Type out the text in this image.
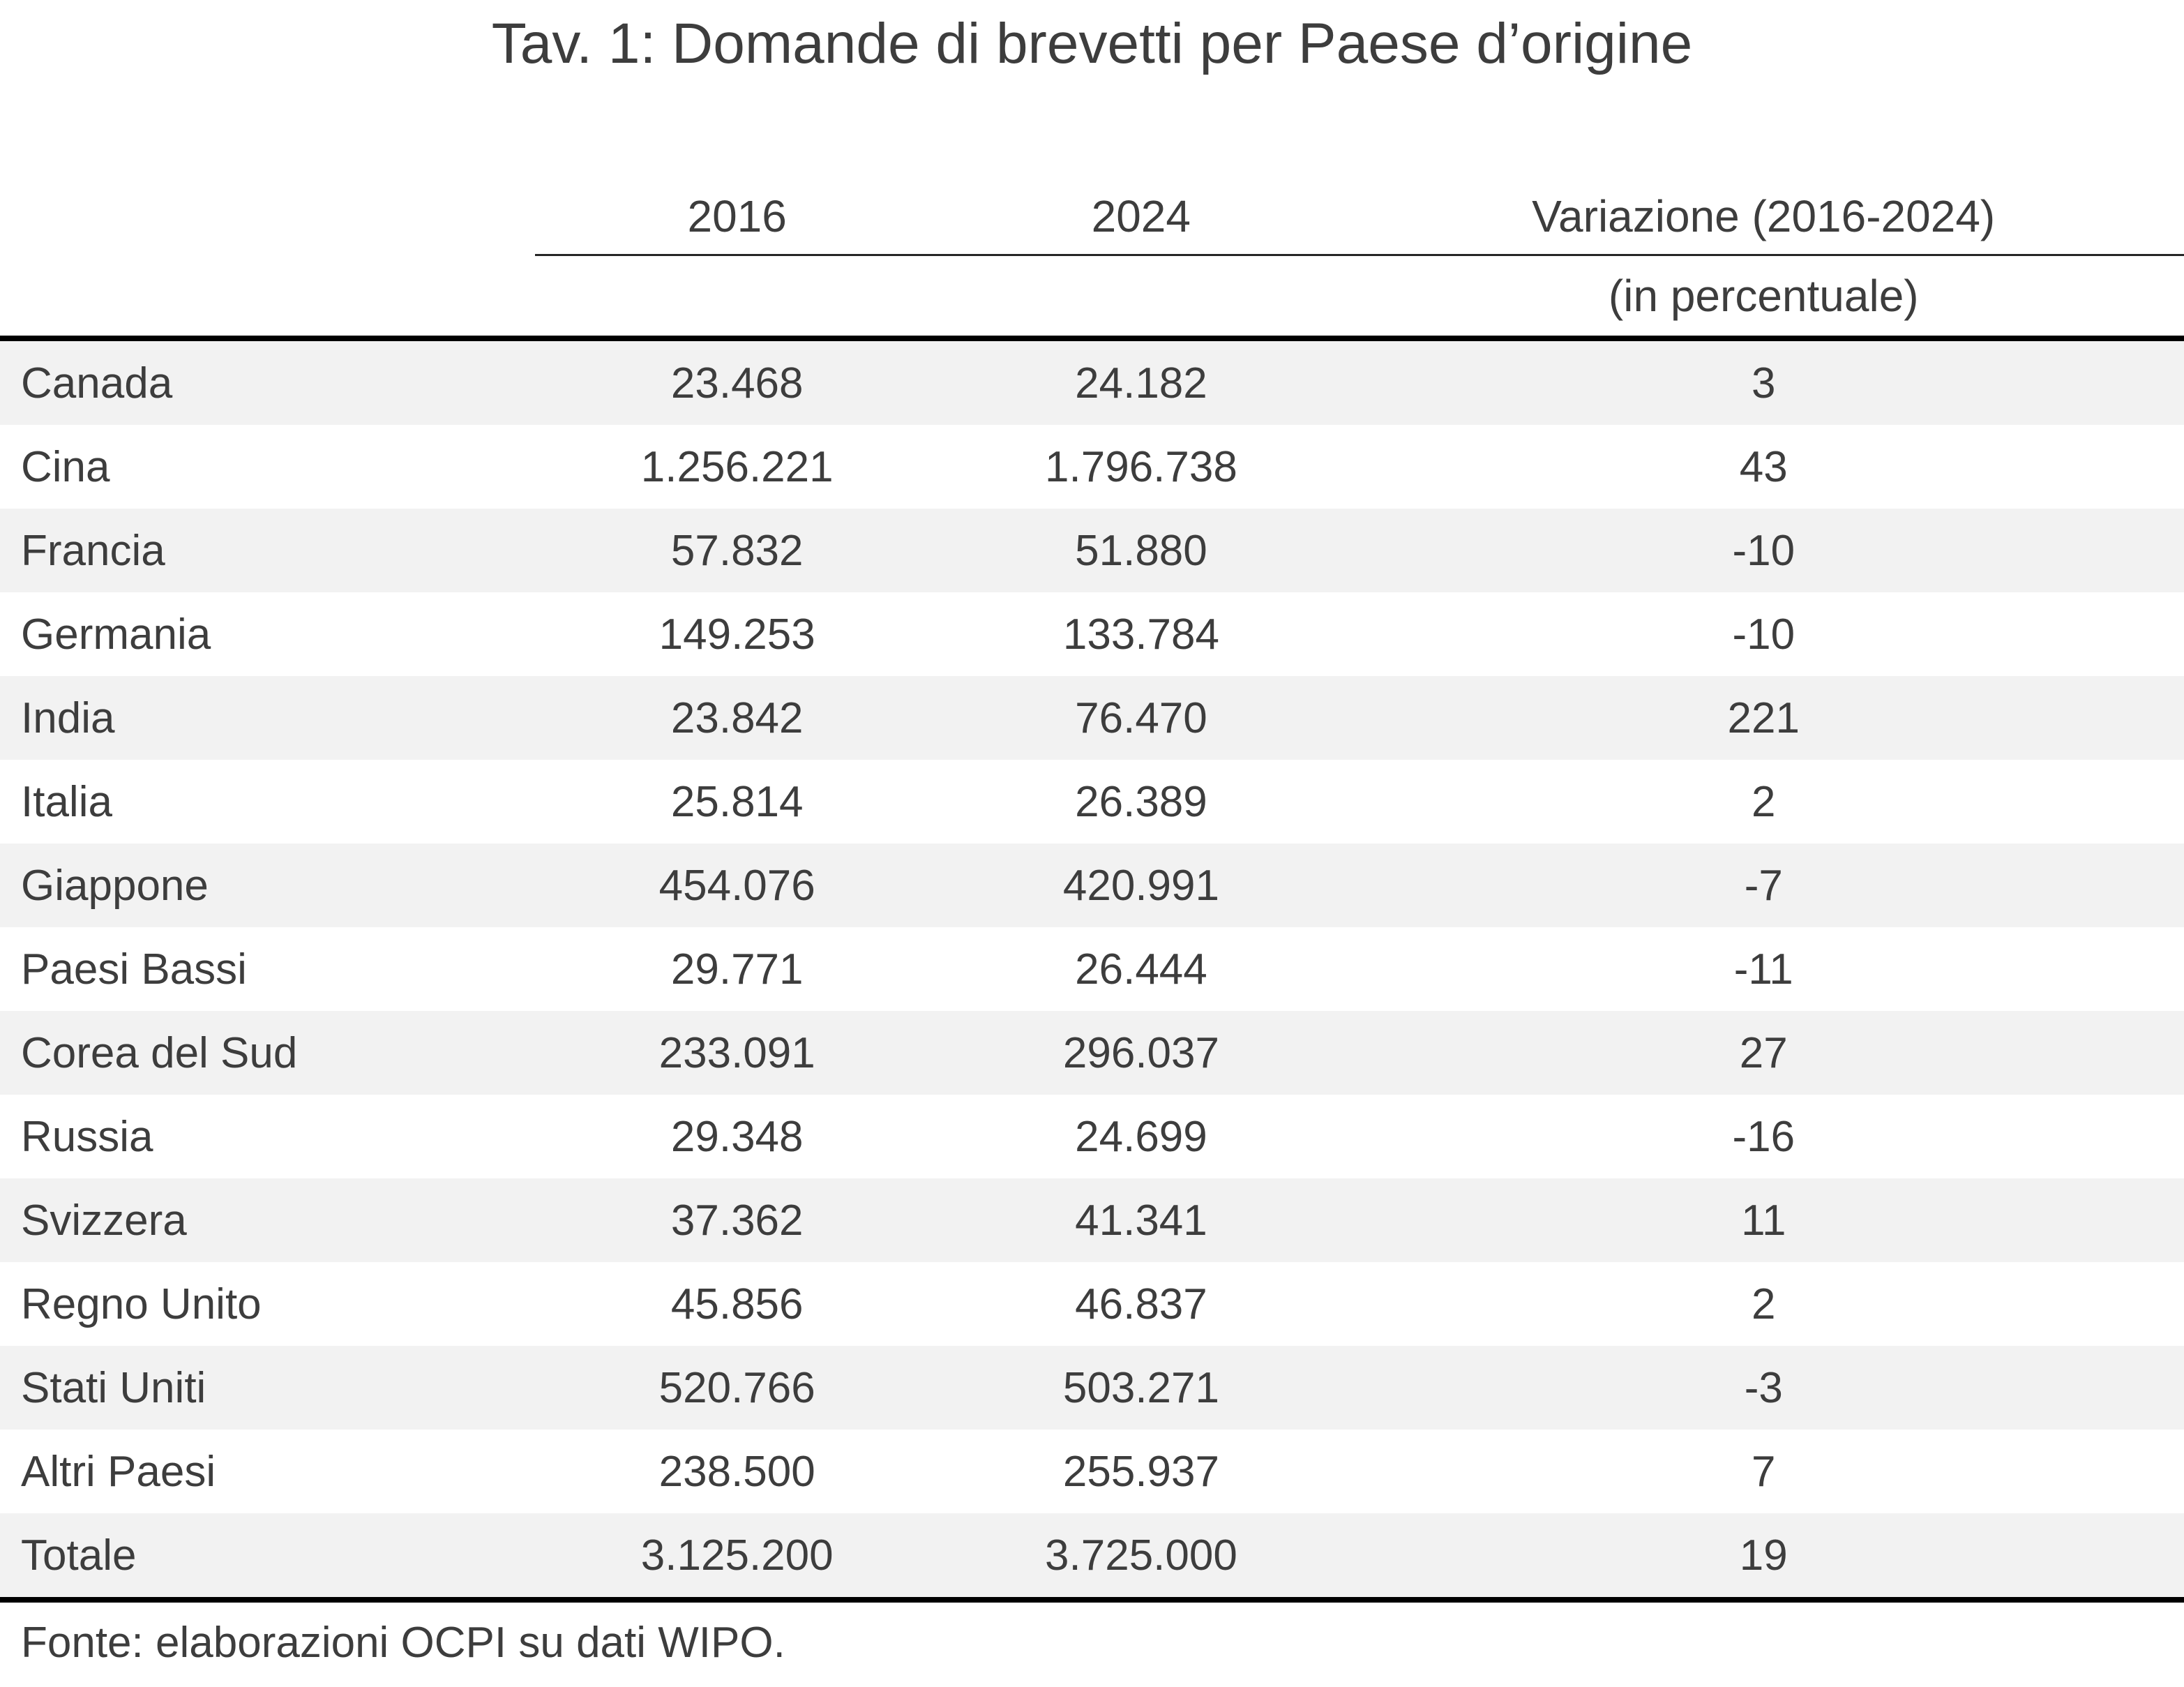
Tav. 1: Domande di brevetti per Paese d’origine
2016	2024	Variazione (2016-2024)
(in percentuale)
Canada	23.468	24.182	3
Cina	1.256.221	1.796.738	43
Francia	57.832	51.880	-10
Germania	149.253	133.784	-10
India	23.842	76.470	221
Italia	25.814	26.389	2
Giappone	454.076	420.991	-7
Paesi Bassi	29.771	26.444	-11
Corea del Sud	233.091	296.037	27
Russia	29.348	24.699	-16
Svizzera	37.362	41.341	11
Regno Unito	45.856	46.837	2
Stati Uniti	520.766	503.271	-3
Altri Paesi	238.500	255.937	7
Totale	3.125.200	3.725.000	19
Fonte: elaborazioni OCPI su dati WIPO.
